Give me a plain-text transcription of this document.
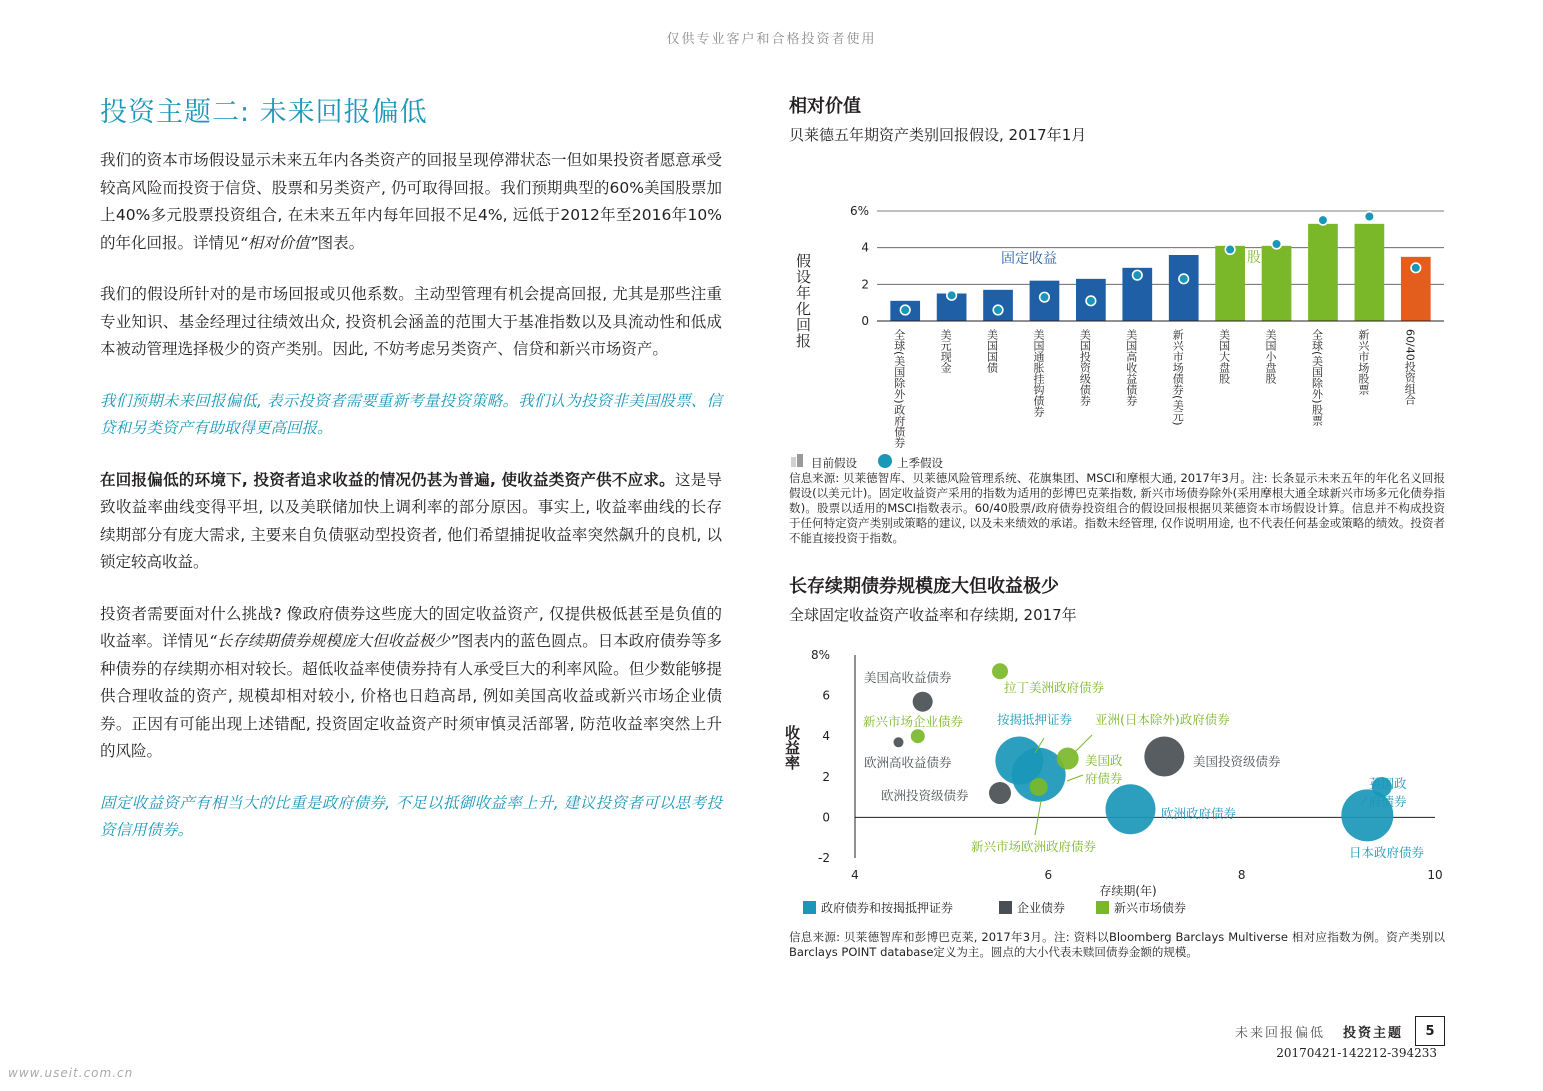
仅供专业客户和合格投资者使用
投资主题二: 未来回报偏低

我们的资本市场假设显示未来五年内各类资产的回报呈现停滞状态一但如果投资者愿意承受较高风险而投资于信贷、股票和另类资产, 仍可取得回报。我们预期典型的60%美国股票加上40%多元股票投资组合, 在未来五年内每年回报不足4%, 远低于2012年至2016年10%的年化回报。详情见“相对价值”图表。

我们的假设所针对的是市场回报或贝他系数。主动型管理有机会提高回报, 尤其是那些注重专业知识、基金经理过往绩效出众, 投资机会涵盖的范围大于基准指数以及具流动性和低成本被动管理选择极少的资产类别。因此, 不妨考虑另类资产、信贷和新兴市场资产。

我们预期未来回报偏低, 表示投资者需要重新考量投资策略。我们认为投资非美国股票、信贷和另类资产有助取得更高回报。

在回报偏低的环境下, 投资者追求收益的情况仍甚为普遍, 使收益类资产供不应求。这是导致收益率曲线变得平坦, 以及美联储加快上调利率的部分原因。事实上, 收益率曲线的长存续期部分有庞大需求, 主要来自负债驱动型投资者, 他们希望捕捉收益率突然飙升的良机, 以锁定较高收益。

投资者需要面对什么挑战? 像政府债券这些庞大的固定收益资产, 仅提供极低甚至是负值的收益率。详情见“长存续期债券规模庞大但收益极少”图表内的蓝色圆点。日本政府债券等多种债券的存续期亦相对较长。超低收益率使债券持有人承受巨大的利率风险。但少数能够提供合理收益的资产, 规模却相对较小, 价格也日趋高昂, 例如美国高收益或新兴市场企业债券。正因有可能出现上述错配, 投资固定收益资产时须审慎灵活部署, 防范收益率突然上升的风险。

固定收益资产有相当大的比重是政府债券, 不足以抵御收益率上升, 建议投资者可以思考投资信用债券。

相对价值
贝莱德五年期资产类别回报假设, 2017年1月
0
2
4
6%
假设年化回报
全球(美国除外)政府债券	美元现金	美国国债	美国通胀挂钩债券	美国投资级债券	美国高收益债券	新兴市场债券(美元)	美国大盘股	美国小盘股	全球(美国除外)股票	新兴市场股票	60/40投资组合
固定收益	股票
目前假设	上季假设
信息来源: 贝莱德智库、贝莱德风险管理系统、花旗集团、MSCI和摩根大通, 2017年3月。注: 长条显示未来五年的年化名义回报假设(以美元计)。固定收益资产采用的指数为适用的彭博巴克莱指数, 新兴市场债券除外(采用摩根大通全球新兴市场多元化债券指数)。股票以适用的MSCI指数表示。60/40股票/政府债券投资组合的假设回报根据贝莱德资本市场假设计算。信息并不构成投资于任何特定资产类别或策略的建议, 以及未来绩效的承诺。指数未经管理, 仅作说明用途, 也不代表任何基金或策略的绩效。投资者不能直接投资于指数。
长存续期债券规模庞大但收益极少
全球固定收益资产收益率和存续期, 2017年
-2
0
2
4
6
8%
4	6	8	10
存续期(年)
收益率
美国高收益债券
拉丁美洲政府债券
新兴市场企业债券	按揭抵押证券 亚洲(日本除外)政府债券
欧洲高收益债券	美国政
府债券
美国投资级债券
欧洲投资级债券
欧洲政府债券
英国政
府债券
新兴市场欧洲政府债券	日本政府债券
政府债券和按揭抵押证券	企业债券	新兴市场债券
信息来源: 贝莱德智库和彭博巴克莱, 2017年3月。注: 资料以Bloomberg Barclays Multiverse 相对应指数为例。资产类别以Barclays POINT database定义为主。圆点的大小代表未赎回债券金额的规模。
未来回报偏低 投资主题	5
20170421-142212-394233
www.useit.com.cn
